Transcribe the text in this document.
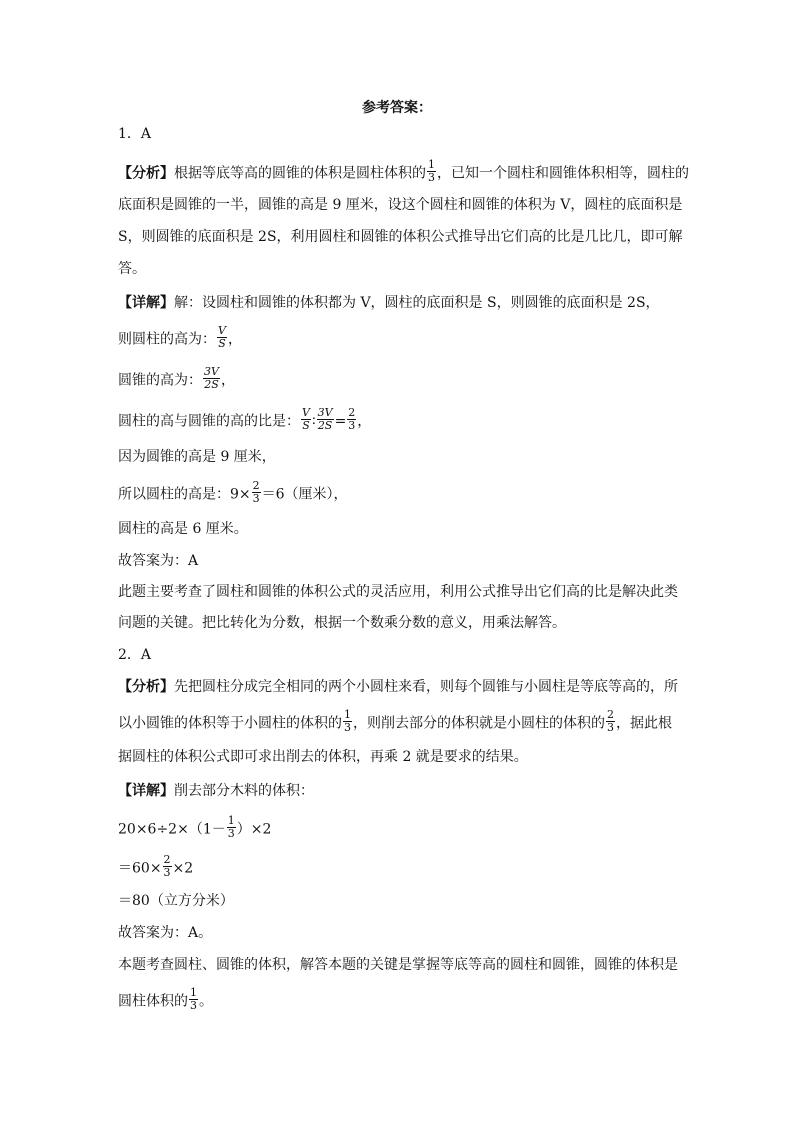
参考答案：
1．A
【分析】根据等底等高的圆锥的体积是圆柱体积的 $\frac{1}{3}$ ，已知一个圆柱和圆锥体积相等，圆柱的
底面积是圆锥的一半，圆锥的高是 9 厘米，设这个圆柱和圆锥的体积为 V，圆柱的底面积是
S，则圆锥的底面积是 2S，利用圆柱和圆锥的体积公式推导出它们高的比是几比几，即可解
答。
【详解】解：设圆柱和圆锥的体积都为 V，圆柱的底面积是 S，则圆锥的底面积是 2S，
则圆柱的高为： $\frac{V}{S}$ ，
圆锥的高为： $\frac{3V}{2S}$ ，
圆柱的高与圆锥的高的比是： $\frac{V}{S}$ ∶ $\frac{3V}{2S} = \frac{2}{3}$ ，
因为圆锥的高是 9 厘米，
所以圆柱的高是：$9\times \frac{2}{3} =6$（厘米），
圆柱的高是 6 厘米。
故答案为：A
此题主要考查了圆柱和圆锥的体积公式的灵活应用，利用公式推导出它们高的比是解决此类
问题的关键。把比转化为分数，根据一个数乘分数的意义，用乘法解答。
2．A
【分析】先把圆柱分成完全相同的两个小圆柱来看，则每个圆锥与小圆柱是等底等高的，所
以小圆锥的体积等于小圆柱的体积的 $\frac{1}{3}$ ，则削去部分的体积就是小圆柱的体积的 $\frac{2}{3}$ ，据此根
据圆柱的体积公式即可求出削去的体积，再乘 2 就是要求的结果。
【详解】削去部分木料的体积：
$20\times 6\div 2\times(1- \frac{1}{3} )\times 2$
$=60\times \frac{2}{3} \times 2$
＝80（立方分米）
故答案为：A。
本题考查圆柱、圆锥的体积，解答本题的关键是掌握等底等高的圆柱和圆锥，圆锥的体积是
圆柱体积的 $\frac{1}{3}$ 。
